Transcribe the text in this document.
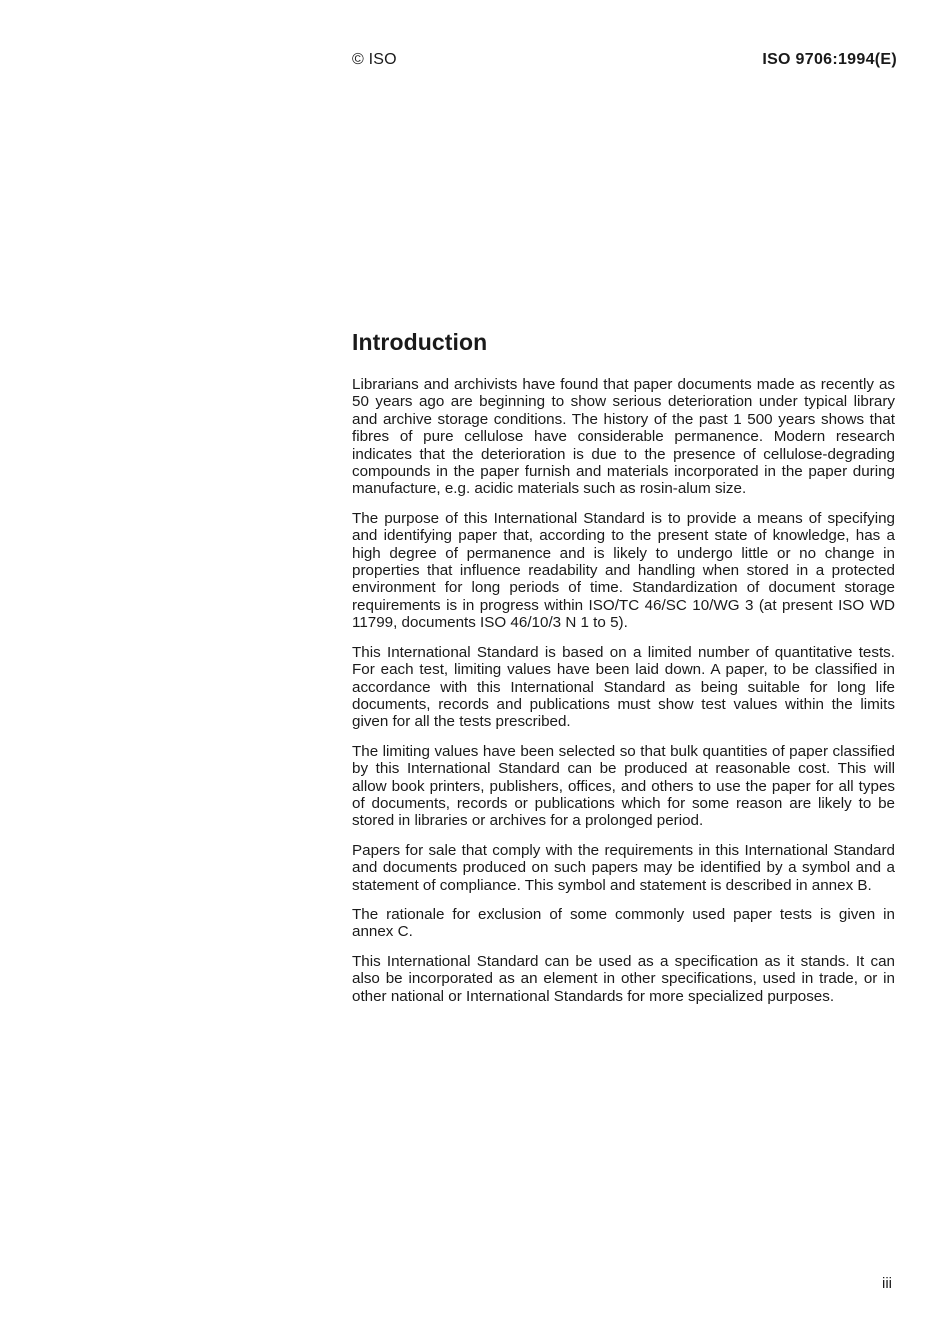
© ISO	ISO 9706:1994(E)
Introduction

Librarians and archivists have found that paper documents made as recently as 50 years ago are beginning to show serious deterioration under typical library and archive storage conditions. The history of the past 1 500 years shows that fibres of pure cellulose have considerable permanence. Modern research indicates that the deterioration is due to the presence of cellulose-degrading compounds in the paper furnish and materials incorporated in the paper during manufacture, e.g. acidic materials such as rosin-alum size.

The purpose of this International Standard is to provide a means of specifying and identifying paper that, according to the present state of knowledge, has a high degree of permanence and is likely to undergo little or no change in properties that influence readability and handling when stored in a protected environment for long periods of time. Standardization of document storage requirements is in progress within ISO/TC 46/SC 10/WG 3 (at present ISO WD 11799, documents ISO 46/10/3 N 1 to 5).

This International Standard is based on a limited number of quantitative tests. For each test, limiting values have been laid down. A paper, to be classified in accordance with this International Standard as being suitable for long life documents, records and publications must show test values within the limits given for all the tests prescribed.

The limiting values have been selected so that bulk quantities of paper classified by this International Standard can be produced at reasonable cost. This will allow book printers, publishers, offices, and others to use the paper for all types of documents, records or publications which for some reason are likely to be stored in libraries or archives for a prolonged period.

Papers for sale that comply with the requirements in this International Standard and documents produced on such papers may be identified by a symbol and a statement of compliance. This symbol and statement is described in annex B.

The rationale for exclusion of some commonly used paper tests is given in annex C.

This International Standard can be used as a specification as it stands. It can also be incorporated as an element in other specifications, used in trade, or in other national or International Standards for more specialized purposes.

iii
